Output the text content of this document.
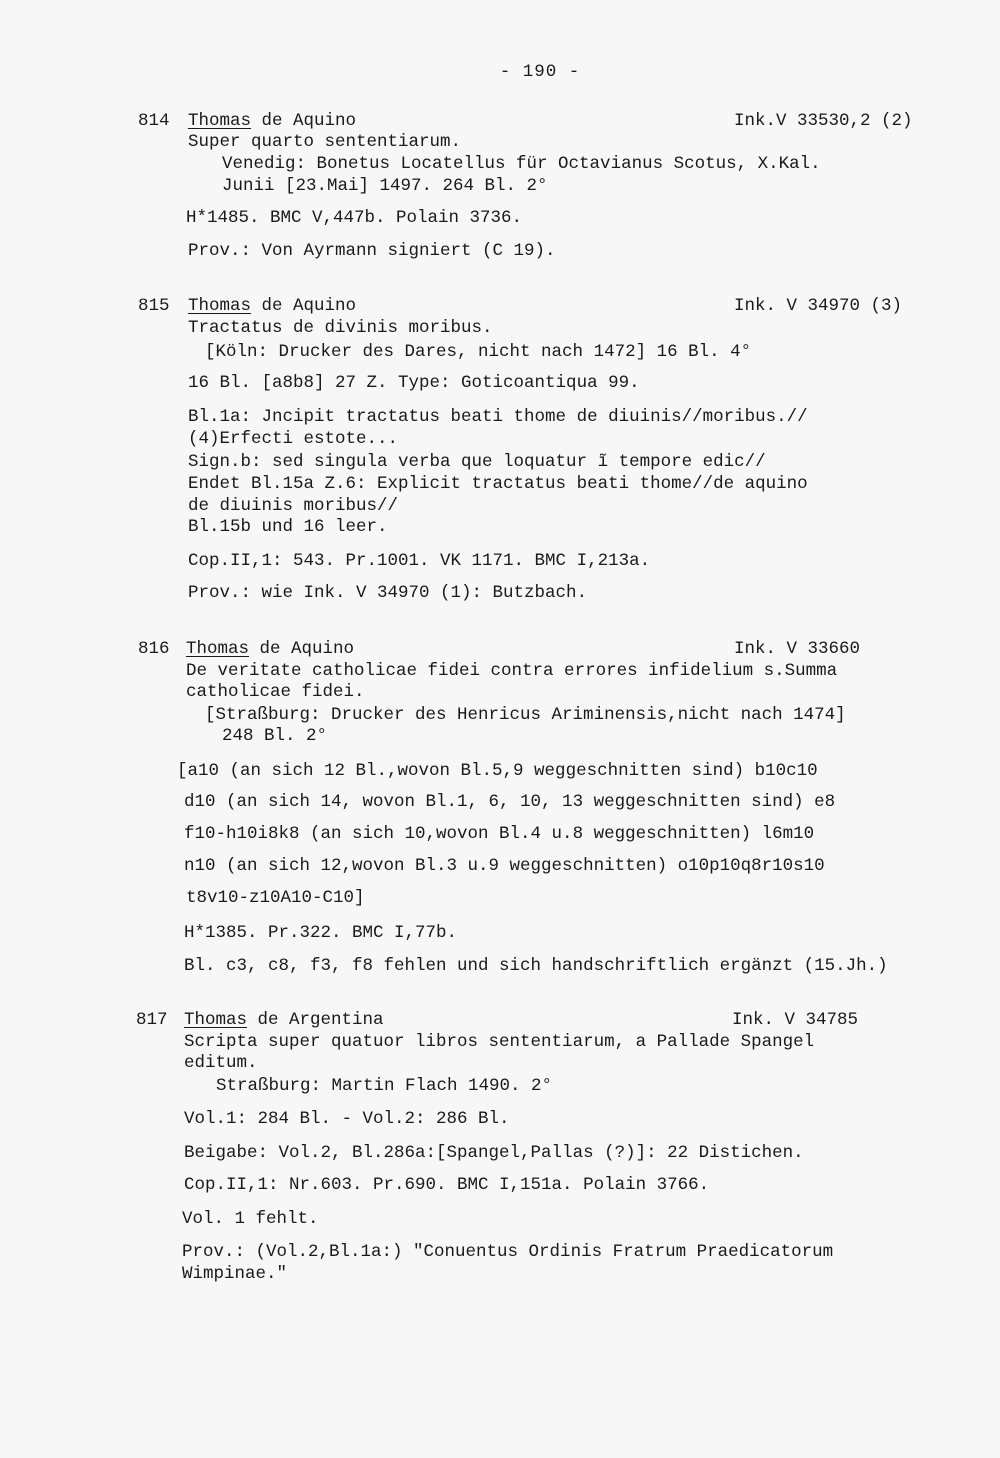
- 190 -
814 Thomas de Aquino	Ink.V 33530,2 (2)
Super quarto sententiarum.
Venedig: Bonetus Locatellus für Octavianus Scotus, X.Kal.
Junii [23.Mai] 1497. 264 Bl. 2°
H*1485. BMC V,447b. Polain 3736.
Prov.: Von Ayrmann signiert (C 19).
815 Thomas de Aquino	Ink. V 34970 (3)
Tractatus de divinis moribus.
[Köln: Drucker des Dares, nicht nach 1472] 16 Bl. 4°
16 Bl. [a8b8] 27 Z. Type: Goticoantiqua 99.
Bl.1a: Jncipit tractatus beati thome de diuinis//moribus.//
(4)Erfecti estote...
Sign.b: sed singula verba que loquatur ĩ tempore edic//
Endet Bl.15a Z.6: Explicit tractatus beati thome//de aquino
de diuinis moribus//
Bl.15b und 16 leer.
Cop.II,1: 543. Pr.1001. VK 1171. BMC I,213a.
Prov.: wie Ink. V 34970 (1): Butzbach.
816 Thomas de Aquino	Ink. V 33660
De veritate catholicae fidei contra errores infidelium s.Summa
catholicae fidei.
[Straßburg: Drucker des Henricus Ariminensis,nicht nach 1474]
248 Bl. 2°
[a10 (an sich 12 Bl.,wovon Bl.5,9 weggeschnitten sind) b10c10
d10 (an sich 14, wovon Bl.1, 6, 10, 13 weggeschnitten sind) e8
f10-h10i8k8 (an sich 10,wovon Bl.4 u.8 weggeschnitten) l6m10
n10 (an sich 12,wovon Bl.3 u.9 weggeschnitten) o10p10q8r10s10
t8v10-z10A10-C10]
H*1385. Pr.322. BMC I,77b.
Bl. c3, c8, f3, f8 fehlen und sich handschriftlich ergänzt (15.Jh.)
817 Thomas de Argentina	Ink. V 34785
Scripta super quatuor libros sententiarum, a Pallade Spangel
editum.
Straßburg: Martin Flach 1490. 2°
Vol.1: 284 Bl. - Vol.2: 286 Bl.
Beigabe: Vol.2, Bl.286a:[Spangel,Pallas (?)]: 22 Distichen.
Cop.II,1: Nr.603. Pr.690. BMC I,151a. Polain 3766.
Vol. 1 fehlt.
Prov.: (Vol.2,Bl.1a:) "Conuentus Ordinis Fratrum Praedicatorum
Wimpinae."
